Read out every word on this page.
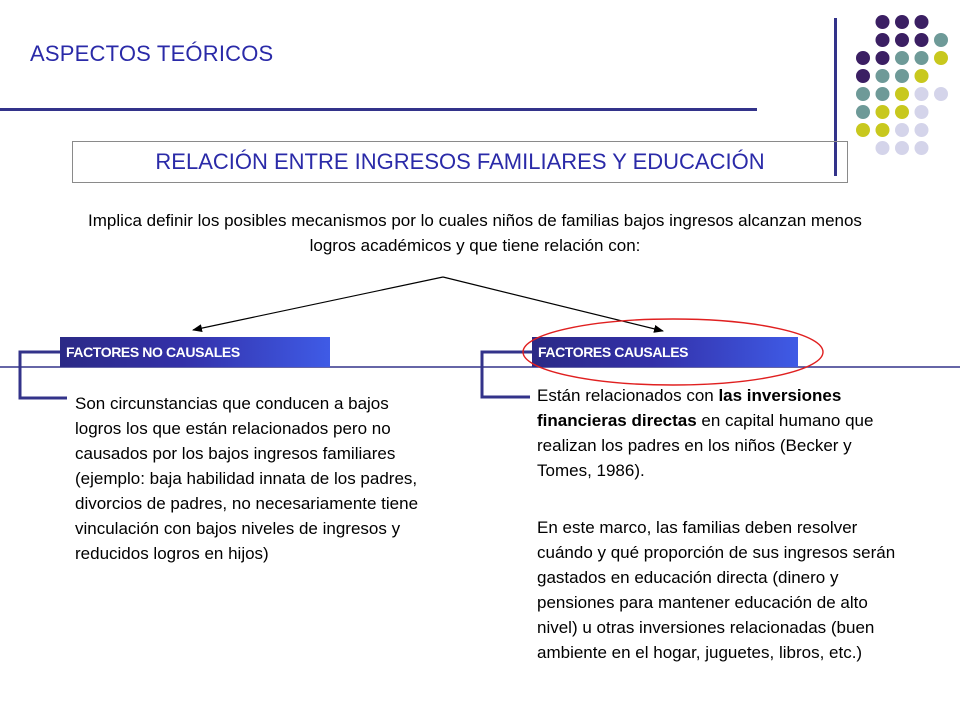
ASPECTOS TEÓRICOS
RELACIÓN ENTRE INGRESOS FAMILIARES Y EDUCACIÓN
Implica definir los posibles mecanismos por lo cuales niños de familias bajos ingresos alcanzan menos logros académicos y que tiene relación con:
FACTORES NO CAUSALES	FACTORES CAUSALES
Son circunstancias que conducen a bajos logros los que están relacionados pero no causados por los bajos ingresos familiares (ejemplo: baja habilidad innata de los padres, divorcios de padres, no necesariamente tiene vinculación con bajos niveles de ingresos y reducidos logros en hijos)
Están relacionados con las inversiones financieras directas en capital humano que realizan los padres en los niños (Becker y Tomes, 1986).
En este marco, las familias deben resolver cuándo y qué proporción de sus ingresos serán gastados en educación directa (dinero y pensiones para mantener educación de alto nivel) u otras inversiones relacionadas (buen ambiente en el hogar, juguetes, libros, etc.)
